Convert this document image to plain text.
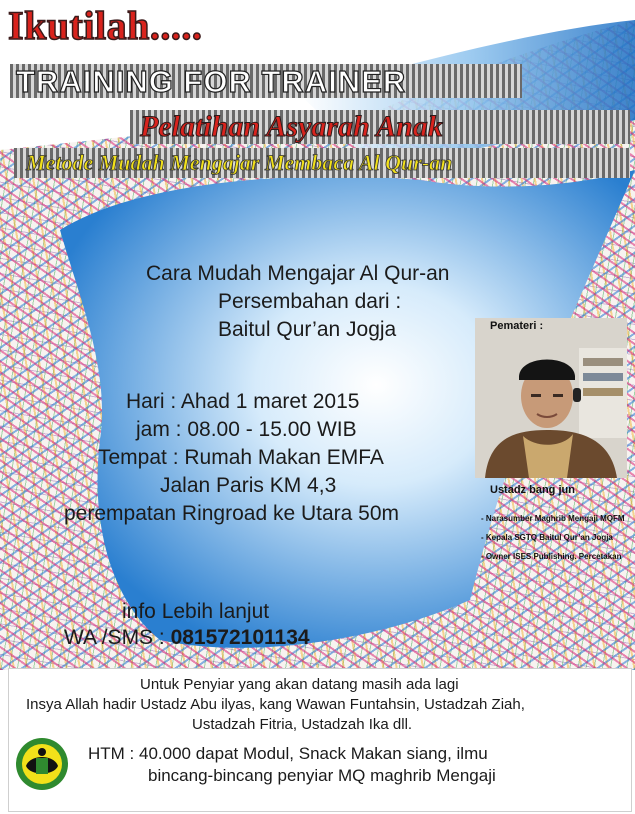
Ikutilah.....
TRAINING FOR TRAINER
Pelatihan Asyarah Anak
Metode Mudah Mengajar Membaca Al Qur-an
Cara Mudah Mengajar Al Qur-an
Persembahan dari :
Baitul Qur’an Jogja
Hari : Ahad 1 maret 2015
jam : 08.00 - 15.00 WIB
Tempat : Rumah Makan EMFA
Jalan Paris KM 4,3
perempatan Ringroad ke Utara 50m
Pemateri :
Ustadz bang jun
- Narasumber Maghrib Mengaji MQFM
- Kepala SGTQ Baitul Qur’an Jogja
- Owner ISES Publishing. Percetakan
info Lebih lanjut
WA /SMS : 081572101134
Untuk Penyiar yang akan datang masih ada lagi
Insya Allah hadir Ustadz Abu ilyas, kang Wawan Funtahsin, Ustadzah Ziah,
Ustadzah Fitria, Ustadzah Ika dll.
HTM : 40.000 dapat Modul, Snack Makan siang, ilmu
bincang-bincang penyiar MQ maghrib Mengaji
